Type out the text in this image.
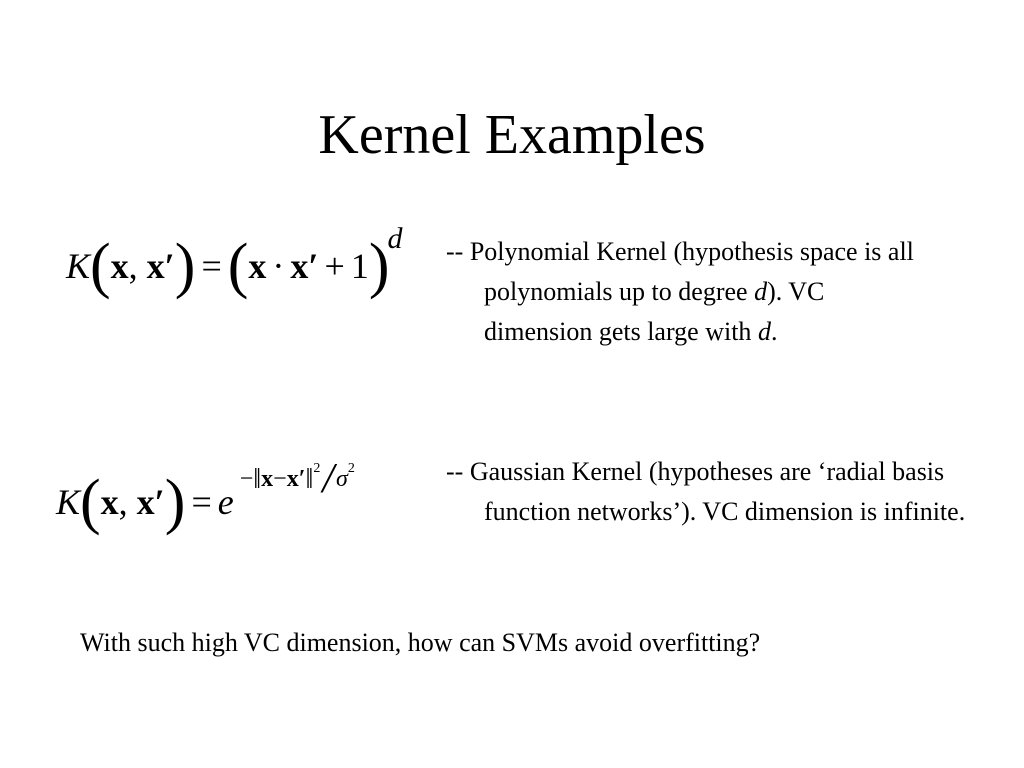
Kernel Examples
K(x, x′) =(x · x′ + 1)d -- Polynomial Kernel (hypothesis space is all polynomials up to degree d). VC dimension gets large with d.

K(x, x′) = e−‖x−x′‖2/σ2	-- Gaussian Kernel (hypotheses are ‘radial basis function networks’). VC dimension is infinite.

With such high VC dimension, how can SVMs avoid overfitting?
